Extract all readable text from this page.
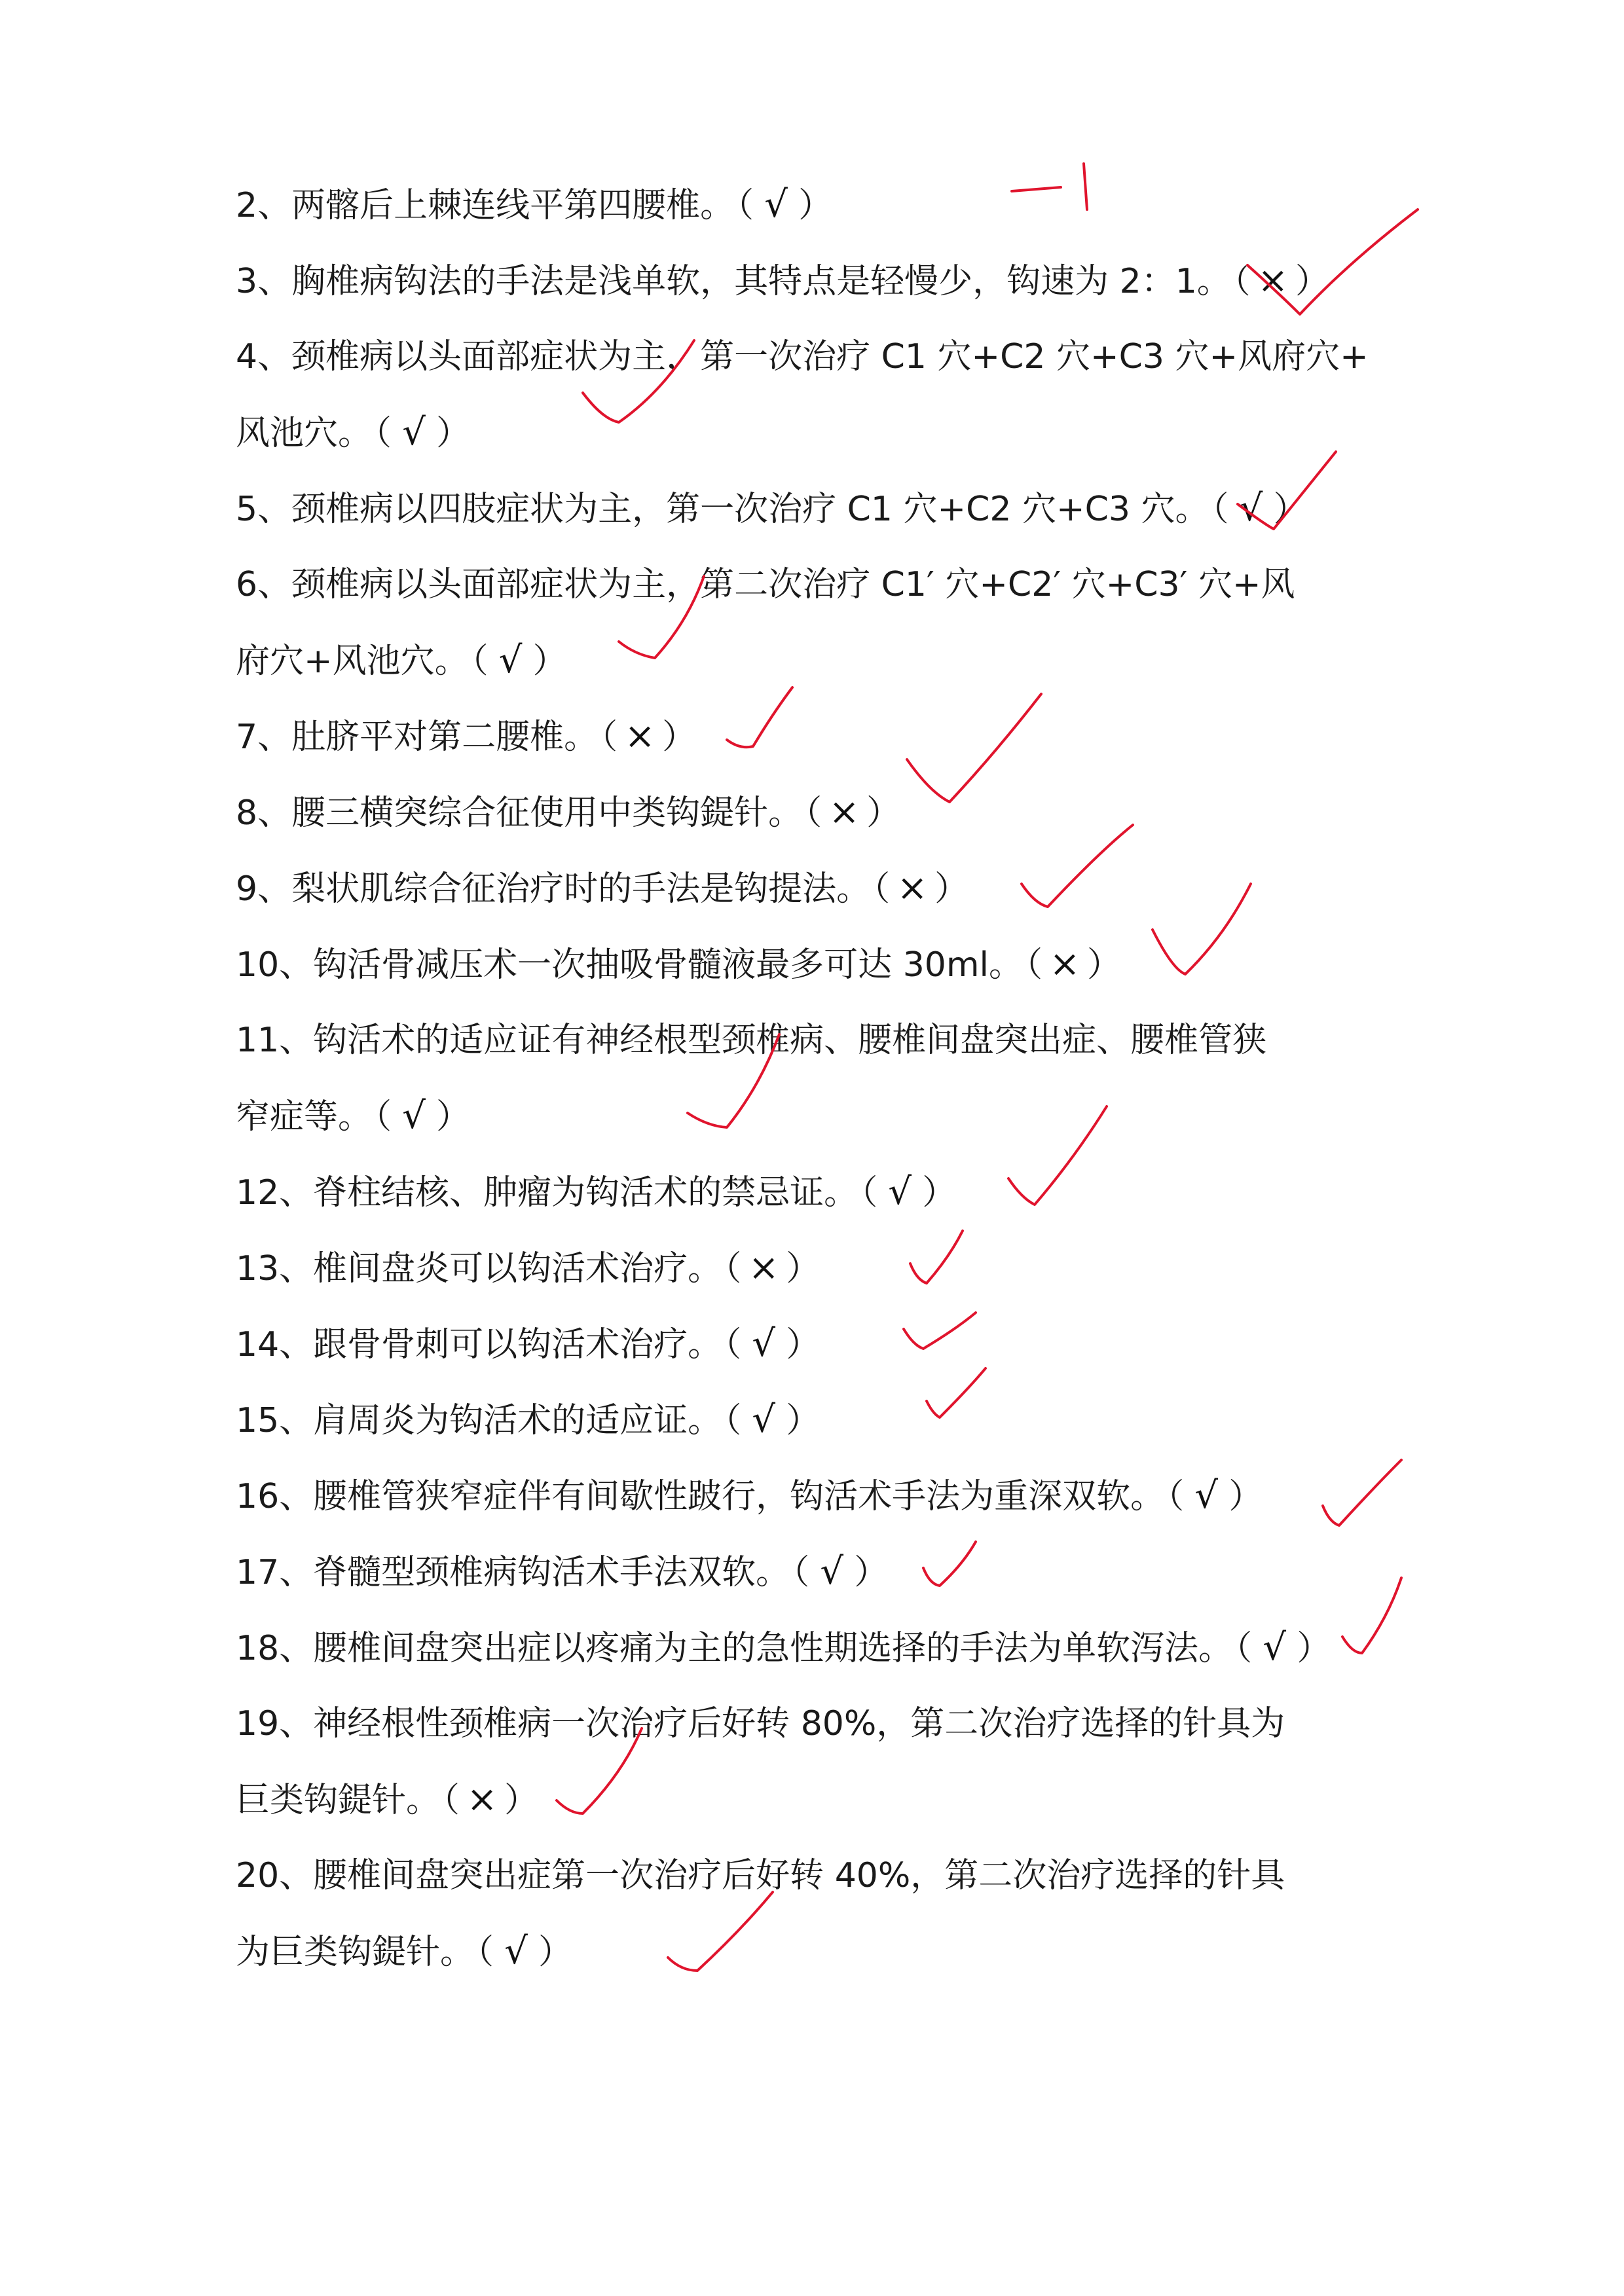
2、两髂后上棘连线平第四腰椎。（ √ ）
3、胸椎病钩法的手法是浅单软，其特点是轻慢少，钩速为 2：1。（ × ）
4、颈椎病以头面部症状为主，第一次治疗 C1 穴+C2 穴+C3 穴+风府穴+
风池穴。（ √ ）
5、颈椎病以四肢症状为主，第一次治疗 C1 穴+C2 穴+C3 穴。（ √ ）
6、颈椎病以头面部症状为主，第二次治疗 C1′ 穴+C2′ 穴+C3′ 穴+风
府穴+风池穴。（ √ ）
7、肚脐平对第二腰椎。（ × ）
8、腰三横突综合征使用中类钩鍉针。（ × ）
9、梨状肌综合征治疗时的手法是钩提法。（ × ）
10、钩活骨减压术一次抽吸骨髓液最多可达 30ml。（ × ）
11、钩活术的适应证有神经根型颈椎病、腰椎间盘突出症、腰椎管狭
窄症等。（ √ ）
12、脊柱结核、肿瘤为钩活术的禁忌证。（ √ ）
13、椎间盘炎可以钩活术治疗。（ × ）
14、跟骨骨刺可以钩活术治疗。（ √ ）
15、肩周炎为钩活术的适应证。（ √ ）
16、腰椎管狭窄症伴有间歇性跛行，钩活术手法为重深双软。（ √ ）
17、脊髓型颈椎病钩活术手法双软。（ √ ）
18、腰椎间盘突出症以疼痛为主的急性期选择的手法为单软泻法。（ √ ）
19、神经根性颈椎病一次治疗后好转 80%，第二次治疗选择的针具为
巨类钩鍉针。（ × ）
20、腰椎间盘突出症第一次治疗后好转 40%，第二次治疗选择的针具
为巨类钩鍉针。（ √ ）
